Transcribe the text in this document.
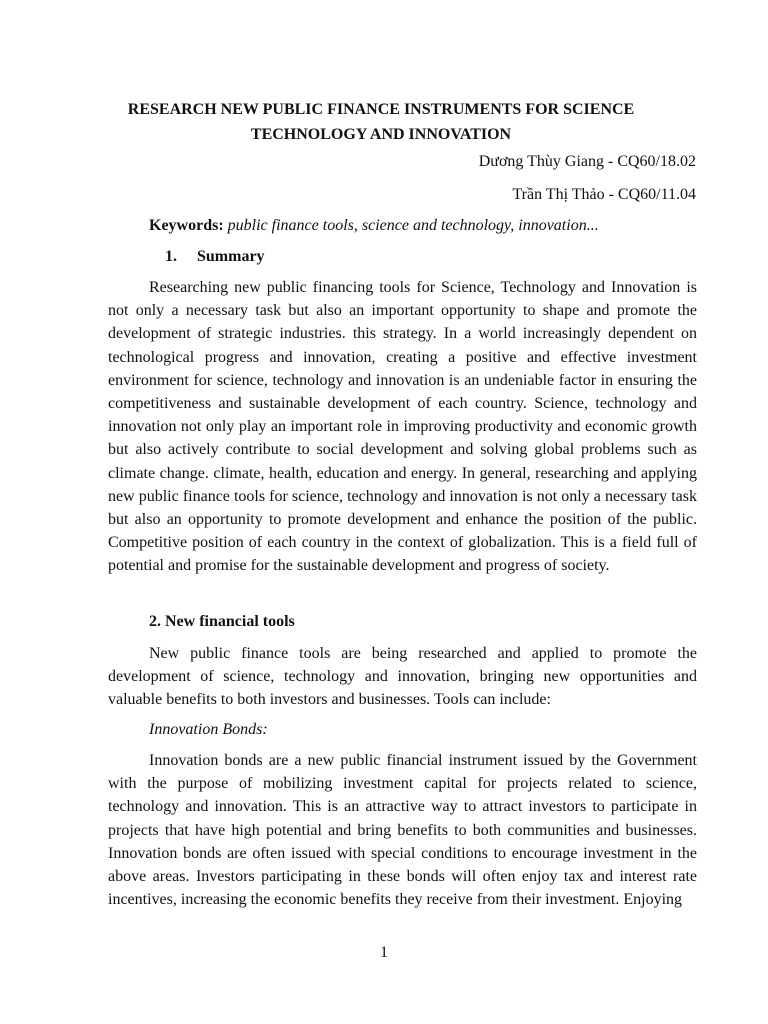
RESEARCH NEW PUBLIC FINANCE INSTRUMENTS FOR SCIENCE TECHNOLOGY AND INNOVATION
Dương Thùy Giang - CQ60/18.02
Trần Thị Thảo - CQ60/11.04
Keywords: public finance tools, science and technology, innovation...
1. Summary

Researching new public financing tools for Science, Technology and Innovation is not only a necessary task but also an important opportunity to shape and promote the development of strategic industries. this strategy. In a world increasingly dependent on technological progress and innovation, creating a positive and effective investment environment for science, technology and innovation is an undeniable factor in ensuring the competitiveness and sustainable development of each country. Science, technology and innovation not only play an important role in improving productivity and economic growth but also actively contribute to social development and solving global problems such as climate change. climate, health, education and energy. In general, researching and applying new public finance tools for science, technology and innovation is not only a necessary task but also an opportunity to promote development and enhance the position of the public. Competitive position of each country in the context of globalization. This is a field full of potential and promise for the sustainable development and progress of society.

2. New financial tools

New public finance tools are being researched and applied to promote the development of science, technology and innovation, bringing new opportunities and valuable benefits to both investors and businesses. Tools can include:

Innovation Bonds:

Innovation bonds are a new public financial instrument issued by the Government with the purpose of mobilizing investment capital for projects related to science, technology and innovation. This is an attractive way to attract investors to participate in projects that have high potential and bring benefits to both communities and businesses. Innovation bonds are often issued with special conditions to encourage investment in the above areas. Investors participating in these bonds will often enjoy tax and interest rate incentives, increasing the economic benefits they receive from their investment. Enjoying

1
